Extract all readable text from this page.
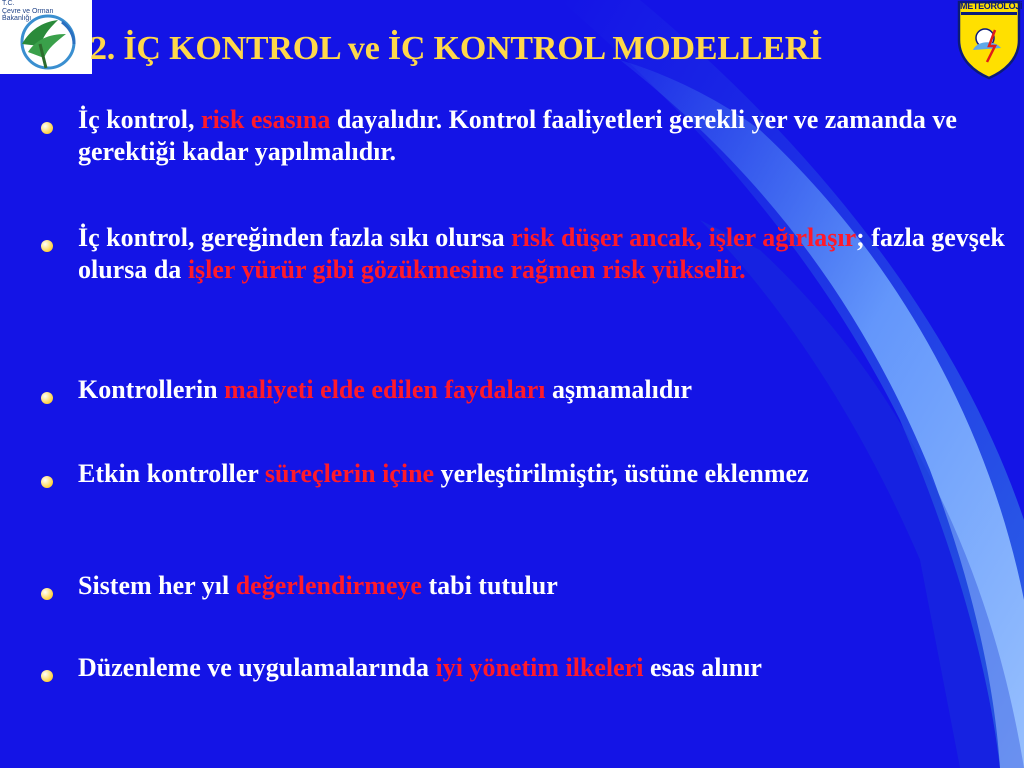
T.C.
Çevre ve Orman
Bakanlığı
METEOROLOJİ
2. İÇ KONTROL ve İÇ KONTROL MODELLERİ
İç kontrol, risk esasına dayalıdır. Kontrol faaliyetleri gerekli yer ve zamanda ve gerektiği kadar yapılmalıdır.
İç kontrol, gereğinden fazla sıkı olursa risk düşer ancak, işler ağırlaşır; fazla gevşek olursa da işler yürür gibi gözükmesine rağmen risk yükselir.
Kontrollerin maliyeti elde edilen faydaları aşmamalıdır
Etkin kontroller süreçlerin içine yerleştirilmiştir, üstüne eklenmez
Sistem her yıl değerlendirmeye tabi tutulur
Düzenleme ve uygulamalarında iyi yönetim ilkeleri esas alınır
